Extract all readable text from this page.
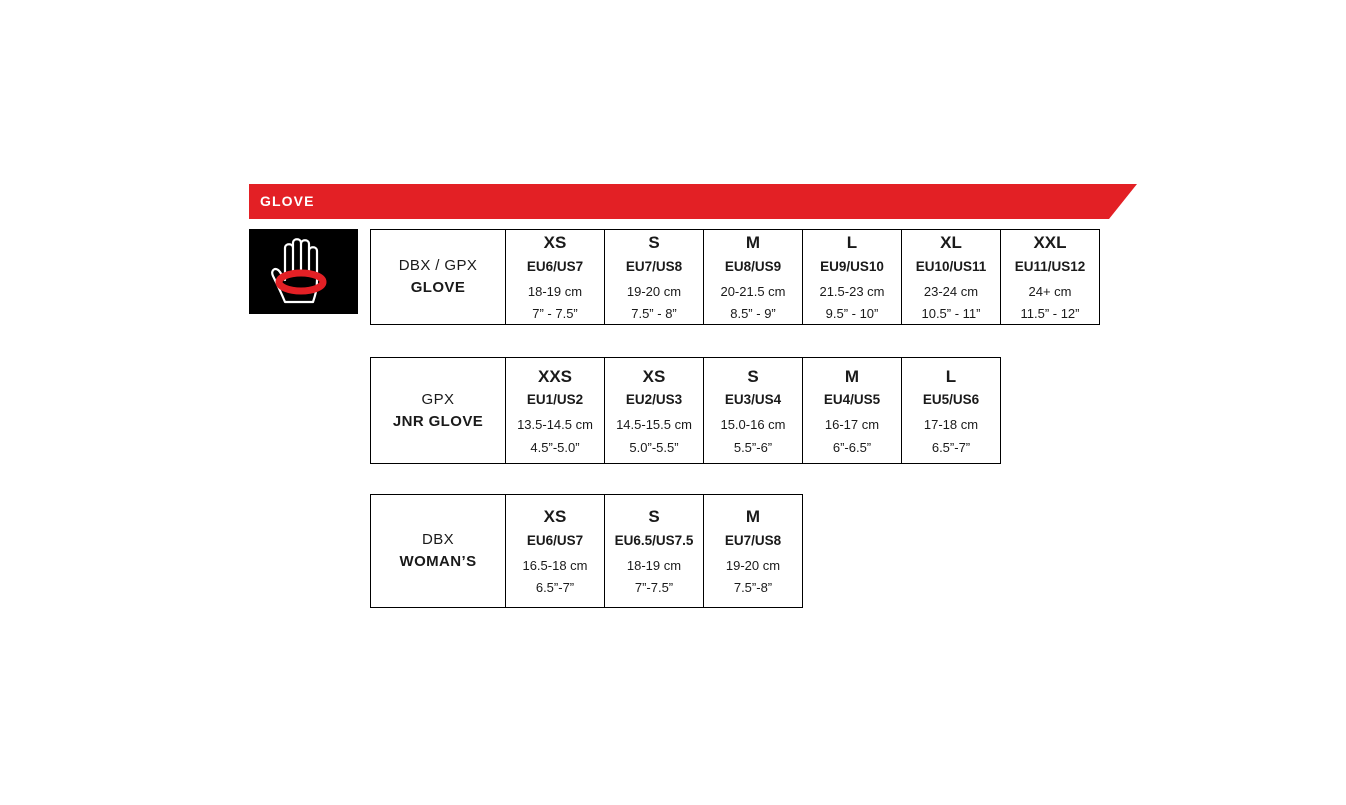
GLOVE
DBX / GPX
GLOVE

XS
EU6/US7
18-19 cm
7” - 7.5”

S
EU7/US8
19-20 cm
7.5” - 8”

M
EU8/US9
20-21.5 cm
8.5” - 9”

L
EU9/US10
21.5-23 cm
9.5” - 10”

XL
EU10/US11
23-24 cm
10.5” - 11”

XXL
EU11/US12
24+ cm
11.5” - 12”
GPX
JNR GLOVE

XXS
EU1/US2
13.5-14.5 cm
4.5”-5.0”

XS
EU2/US3
14.5-15.5 cm
5.0”-5.5”

S
EU3/US4
15.0-16 cm
5.5”-6”

M
EU4/US5
16-17 cm
6”-6.5”

L
EU5/US6
17-18 cm
6.5”-7”
DBX
WOMAN’S

XS
EU6/US7
16.5-18 cm
6.5”-7”

S
EU6.5/US7.5
18-19 cm
7”-7.5”

M
EU7/US8
19-20 cm
7.5”-8”
